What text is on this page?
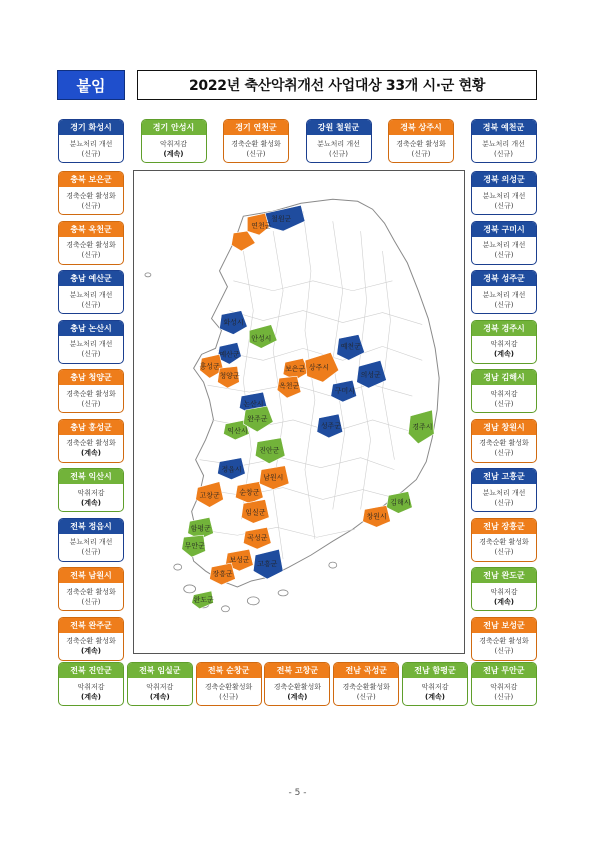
붙임	2022년 축산악취개선 사업대상 33개 시·군 현황
연천군
철원군
화성시
안성시
예산군
홍성군
청양군
논산시
보은군
옥천군
상주시
예천군
의성군
구미시
성주군	경주시
익산시
완주군
진안군
정읍시
고창군	순창군
남원시
임실군
함평군
무안군
곡성군
보성군
장흥군
고흥군
완도군
김해시
창원시
- 5 -
경기 화성시
분뇨처리 개선
(신규)
경기 안성시
악취저감
(계속)
경기 연천군
경축순환 활성화
(신규)
강원 철원군
분뇨처리 개선
(신규)
경북 상주시
경축순환 활성화
(신규)
경북 예천군
분뇨처리 개선
(신규)
충북 보은군
경축순환 활성화
(신규)
충북 옥천군
경축순환 활성화
(신규)
충남 예산군
분뇨처리 개선
(신규)
충남 논산시
분뇨처리 개선
(신규)
충남 청양군
경축순환 활성화
(신규)
충남 홍성군
경축순환 활성화
(계속)
전북 익산시
악취저감
(계속)
전북 정읍시
분뇨처리 개선
(신규)
전북 남원시
경축순환 활성화
(신규)
전북 완주군
경축순환 활성화
(계속)
경북 의성군
분뇨처리 개선
(신규)
경북 구미시
분뇨처리 개선
(신규)
경북 성주군
분뇨처리 개선
(신규)
경북 경주시
악취저감
(계속)
경남 김해시
악취저감
(신규)
경남 창원시
경축순환 활성화
(신규)
전남 고흥군
분뇨처리 개선
(신규)
전남 장흥군
경축순환 활성화
(신규)
전남 완도군
악취저감
(계속)
전남 보성군
경축순환 활성화
(신규)
전북 진안군
악취저감
(계속)
전북 임실군
악취저감
(계속)
전북 순창군
경축순환활성화
(신규)
전북 고창군
경축순환활성화
(계속)
전남 곡성군
경축순환활성화
(신규)
전남 함평군
악취저감
(계속)
전남 무안군
악취저감
(신규)
